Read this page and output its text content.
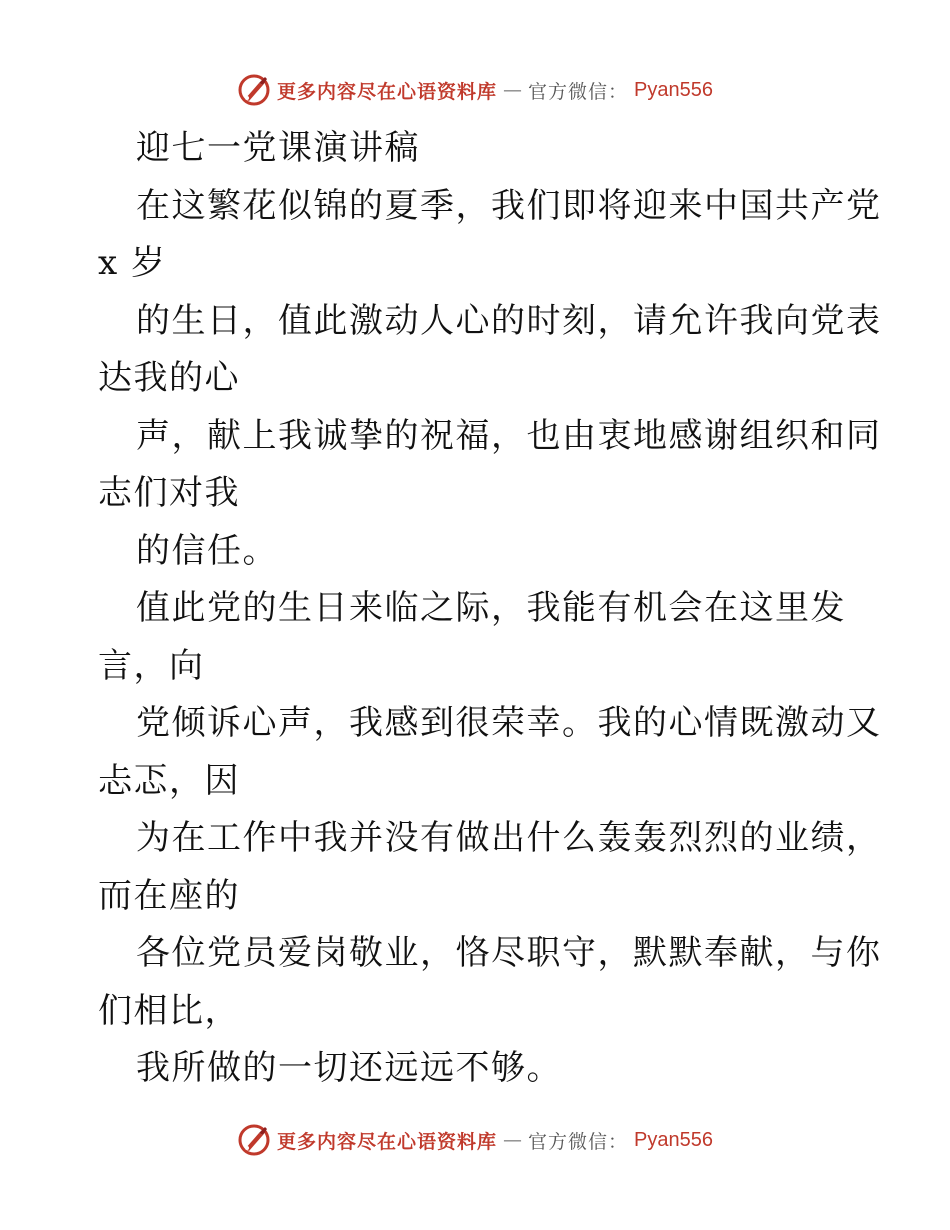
更多内容尽在心语资料库 — 官方微信： Pyan556
迎七一党课演讲稿
在这繁花似锦的夏季，我们即将迎来中国共产党
x 岁
的生日，值此激动人心的时刻，请允许我向党表
达我的心
声，献上我诚挚的祝福，也由衷地感谢组织和同
志们对我
的信任。
值此党的生日来临之际，我能有机会在这里发
言，向
党倾诉心声，我感到很荣幸。我的心情既激动又
忐忑，因
为在工作中我并没有做出什么轰轰烈烈的业绩，
而在座的
各位党员爱岗敬业，恪尽职守，默默奉献，与你
们相比，
我所做的一切还远远不够。
更多内容尽在心语资料库 — 官方微信： Pyan556
